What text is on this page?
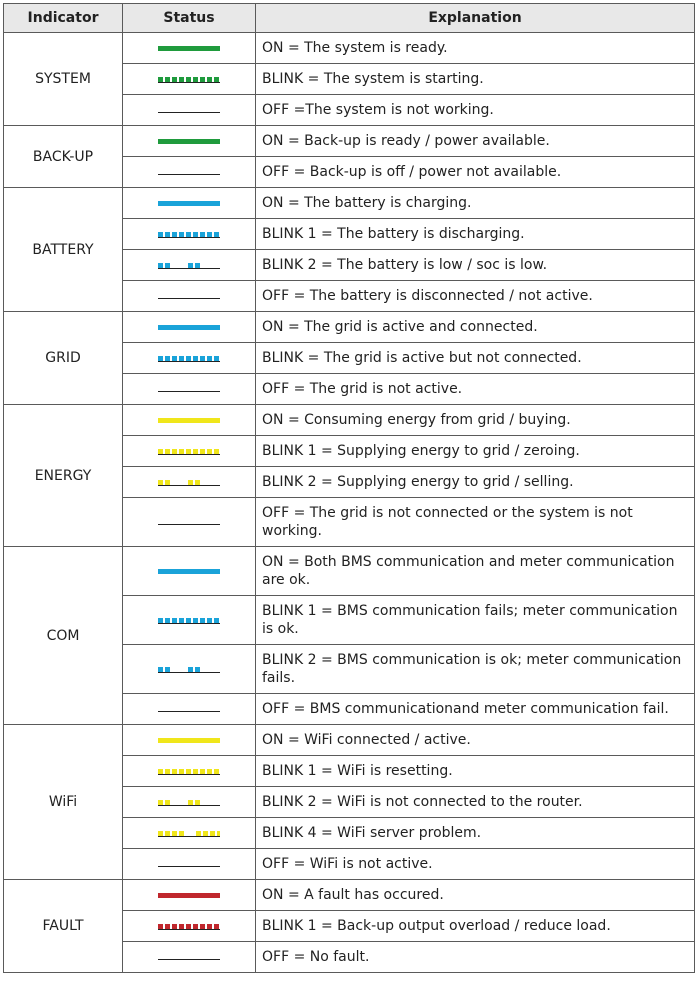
Indicator	Status	Explanation
SYSTEM		ON = The system is ready.

	BLINK = The system is starting.

	OFF =The system is not working.
BACK-UP		ON = Back-up is ready / power available.

	OFF = Back-up is off / power not available.
BATTERY		ON = The battery is charging.

	BLINK 1 = The battery is discharging.

	BLINK 2 = The battery is low / soc is low.

	OFF = The battery is disconnected / not active.
GRID		ON = The grid is active and connected.

	BLINK = The grid is active but not connected.

	OFF = The grid is not active.
ENERGY		ON = Consuming energy from grid / buying.

	BLINK 1 = Supplying energy to grid / zeroing.

	BLINK 2 = Supplying energy to grid / selling.

	OFF = The grid is not connected or the system is not working.
COM		ON = Both BMS communication and meter communication are ok.

	BLINK 1 = BMS communication fails; meter communication is ok.

	BLINK 2 = BMS communication is ok; meter communication fails.

	OFF = BMS communicationand meter communication fail.
WiFi		ON = WiFi connected / active.

	BLINK 1 = WiFi is resetting.

	BLINK 2 = WiFi is not connected to the router.

	BLINK 4 = WiFi server problem.

	OFF = WiFi is not active.
FAULT		ON = A fault has occured.

	BLINK 1 = Back-up output overload / reduce load.

	OFF = No fault.
